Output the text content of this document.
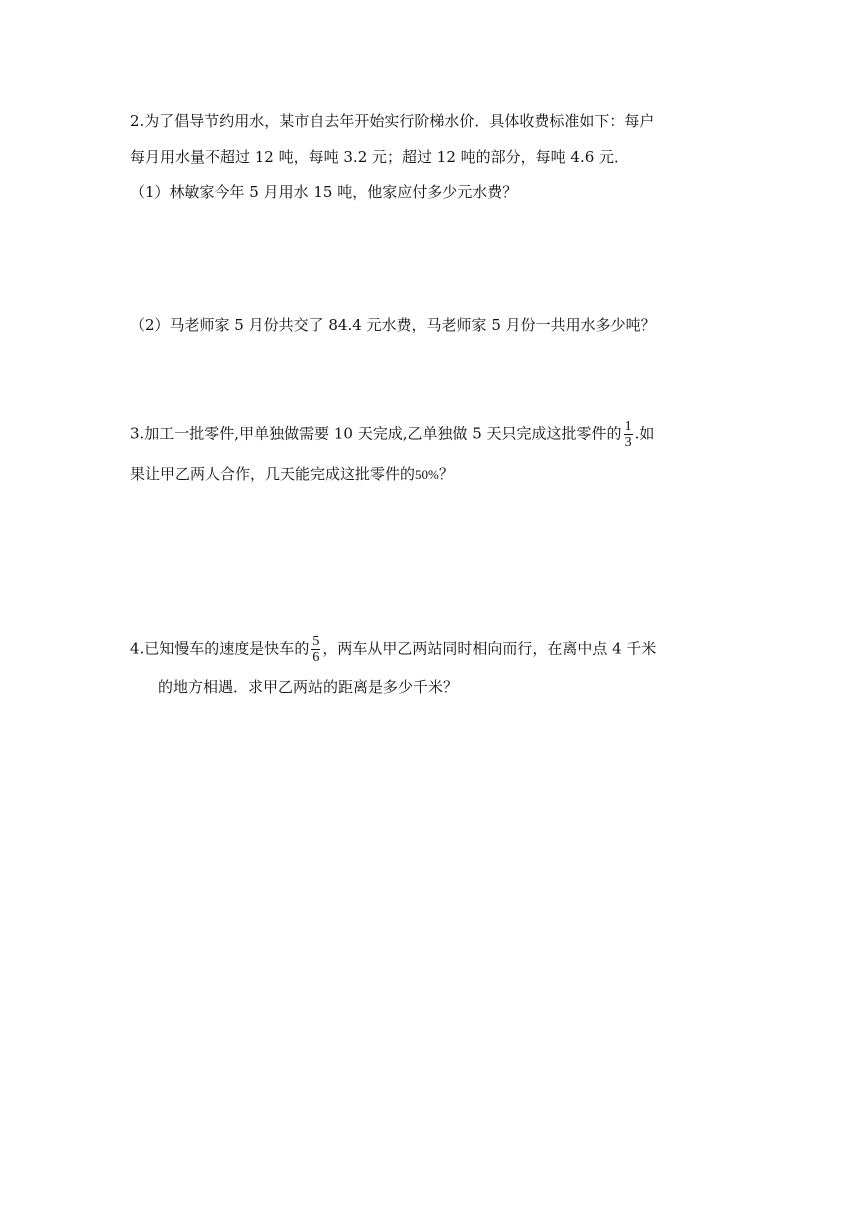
2.为了倡导节约用水，某市自去年开始实行阶梯水价．具体收费标准如下：每户
每月用水量不超过 12 吨，每吨 3.2 元；超过 12 吨的部分，每吨 4.6 元．
（1）林敏家今年 5 月用水 15 吨，他家应付多少元水费？
（2）马老师家 5 月份共交了 84.4 元水费，马老师家 5 月份一共用水多少吨？
3.加工一批零件,甲单独做需要 10 天完成,乙单独做 5 天只完成这批零件的 $\frac{1}{3}$ .如
果让甲乙两人合作，几天能完成这批零件的50%？
4.已知慢车的速度是快车的 $\frac{5}{6}$ ，两车从甲乙两站同时相向而行，在离中点 4 千米
的地方相遇．求甲乙两站的距离是多少千米？
